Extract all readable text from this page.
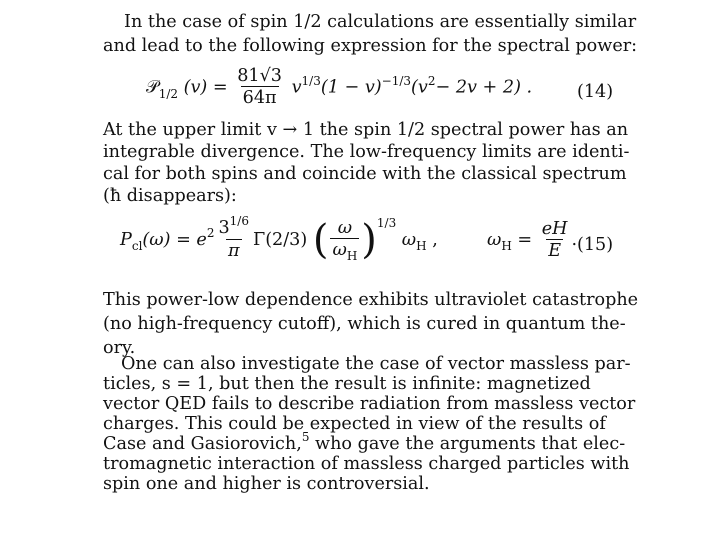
In the case of spin 1/2 calculations are essentially similar

and lead to the following expression for the spectral power:

𝒫$_{1/2}$ $(v) = \frac{81√3}{64\pi} v^{1/3}(1 - v)^{-1/3}(v^2- 2v + 2)$ .	(14)

At the upper limit v → 1 the spin 1/2 spectral power has an

integrable divergence. The low-frequency limits are identi-

cal for both spins and coincide with the classical spectrum

(ħ disappears):

$P_{cl}(\omega) = e^2 \frac{3^{1/6}}{\pi} \Gamma(2/3)$ ( $\frac{\omega}{\omega_H} )^{1/3}$ $\omega_H$ ,	$\omega_H = \frac{eH}{E}$ . (15)

This power-low dependence exhibits ultraviolet catastrophe

(no high-frequency cutoff), which is cured in quantum the-

ory.

One can also investigate the case of vector massless par-

ticles, s = 1, but then the result is infinite: magnetized

vector QED fails to describe radiation from massless vector

charges. This could be expected in view of the results of

Case and Gasiorovich,$^5$ who gave the arguments that elec-

tromagnetic interaction of massless charged particles with

spin one and higher is controversial.
